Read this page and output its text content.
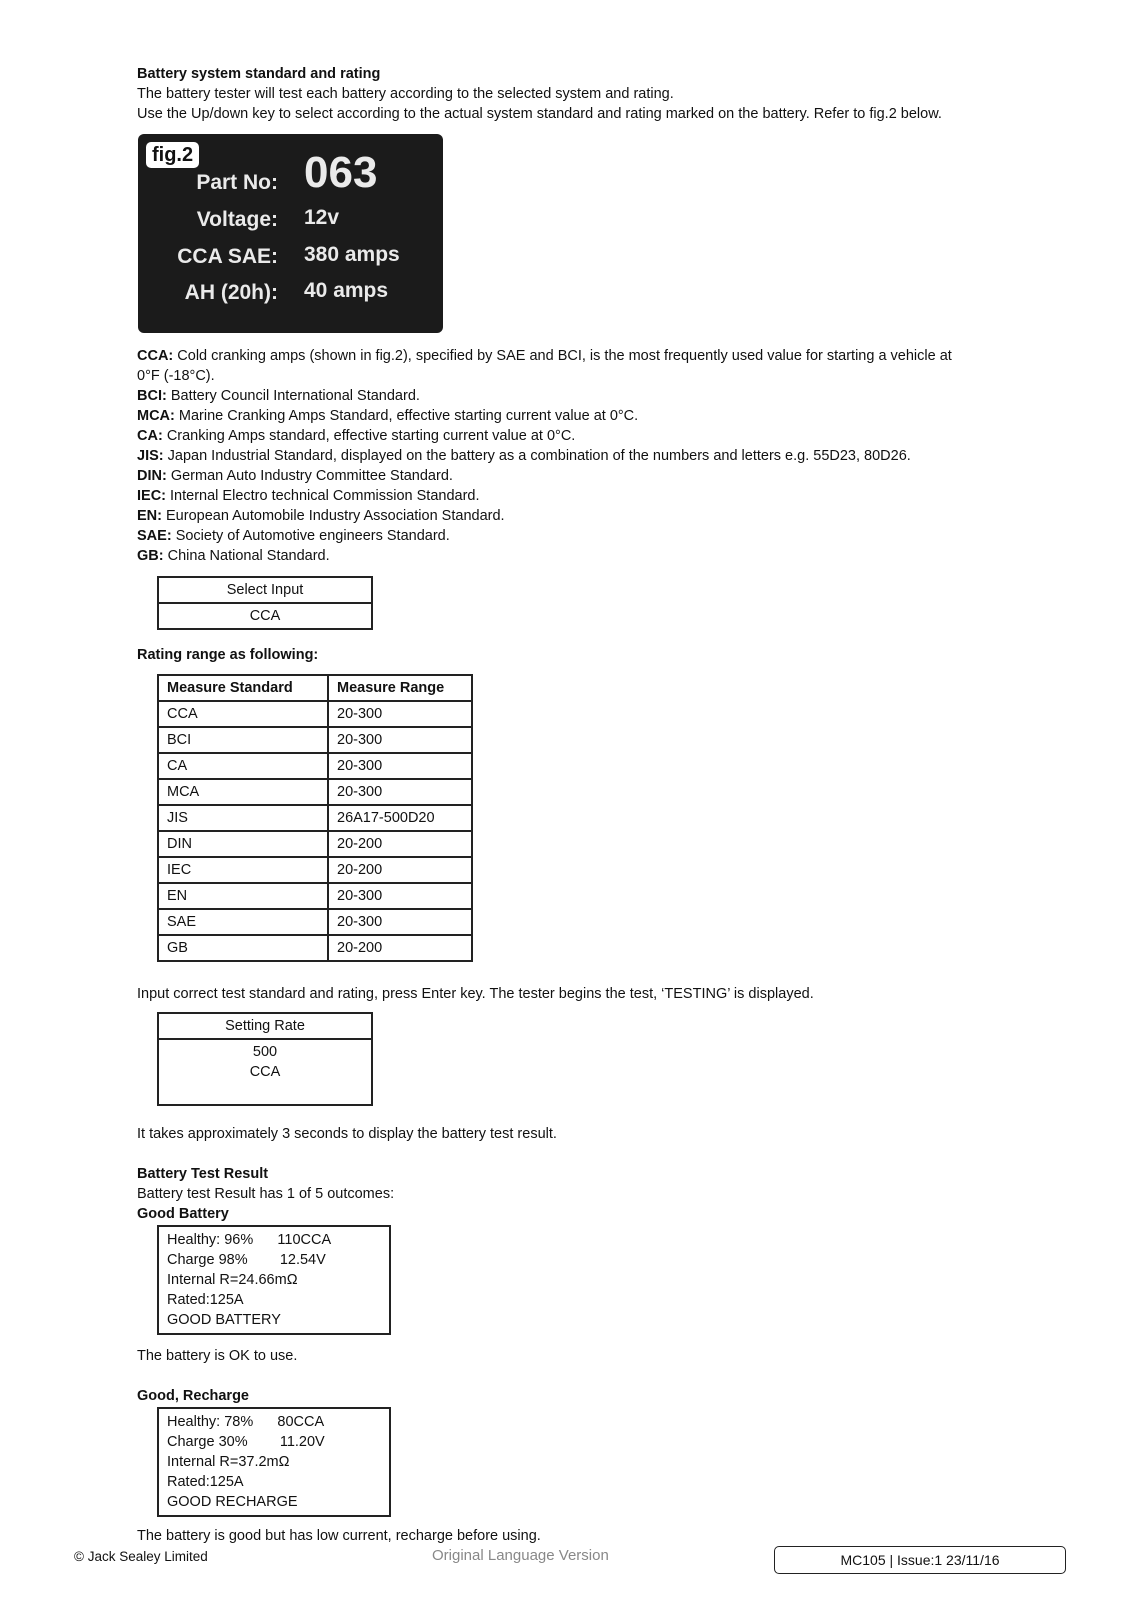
Battery system standard and rating
The battery tester will test each battery according to the selected system and rating.
Use the Up/down key to select according to the actual system standard and rating marked on the battery. Refer to fig.2 below.
fig.2
Part No: 063
Voltage: 12v
CCA SAE: 380 amps
AH (20h): 40 amps
CCA: Cold cranking amps (shown in fig.2), specified by SAE and BCI, is the most frequently used value for starting a vehicle at
0°F (-18°C).
BCI: Battery Council International Standard.
MCA: Marine Cranking Amps Standard, effective starting current value at 0°C.
CA: Cranking Amps standard, effective starting current value at 0°C.
JIS: Japan Industrial Standard, displayed on the battery as a combination of the numbers and letters e.g. 55D23, 80D26.
DIN: German Auto Industry Committee Standard.
IEC: Internal Electro technical Commission Standard.
EN: European Automobile Industry Association Standard.
SAE: Society of Automotive engineers Standard.
GB: China National Standard.
Select Input
CCA
Rating range as following:
Measure Standard	Measure Range
CCA	20-300
BCI	20-300
CA	20-300
MCA	20-300
JIS	26A17-500D20
DIN	20-200
IEC	20-200
EN	20-300
SAE	20-300
GB	20-200
Input correct test standard and rating, press Enter key. The tester begins the test, ‘TESTING’ is displayed.
Setting Rate

500
CCA
It takes approximately 3 seconds to display the battery test result.
Battery Test Result
Battery test Result has 1 of 5 outcomes:
Good Battery
Healthy: 96%      110CCA
Charge 98%        12.54V
Internal R=24.66mΩ
Rated:125A
GOOD BATTERY
The battery is OK to use.
Good, Recharge
Healthy: 78%      80CCA
Charge 30%        11.20V
Internal R=37.2mΩ
Rated:125A
GOOD RECHARGE
The battery is good but has low current, recharge before using.
© Jack Sealey Limited	Original Language Version	MC105 | Issue:1 23/11/16
